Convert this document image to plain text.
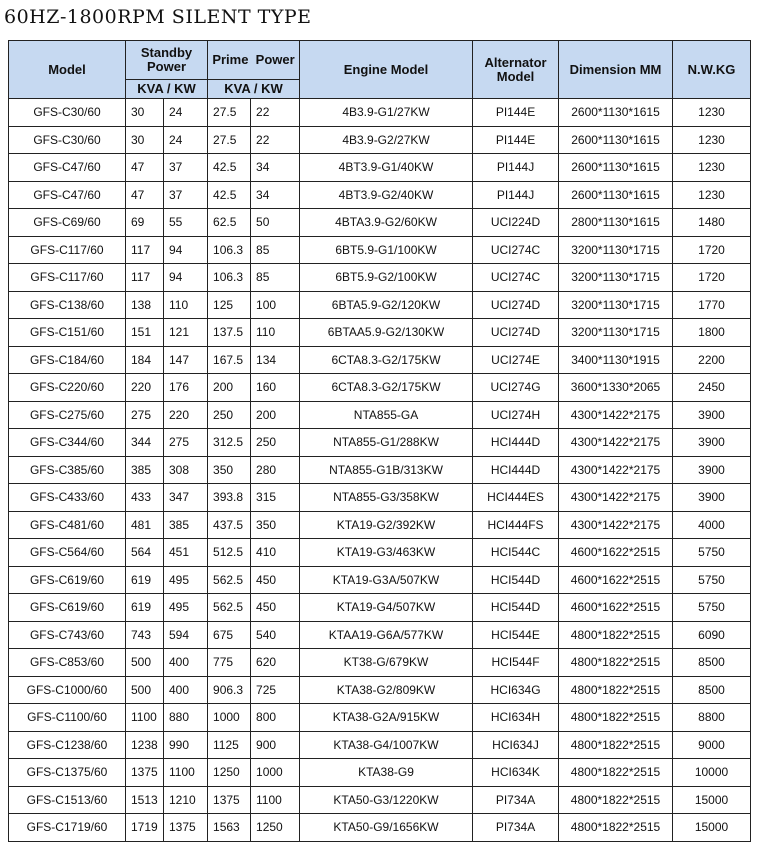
60HZ-1800RPM SILENT TYPE
Model	Standby Power		Prime  Power		Engine Model	Alternator Model	Dimension MM	N.W.KG
	KVA / KW		KVA / KW					
GFS-C30/60	30	24	27.5	22	4B3.9-G1/27KW	PI144E	2600*1130*1615	1230
GFS-C30/60	30	24	27.5	22	4B3.9-G2/27KW	PI144E	2600*1130*1615	1230
GFS-C47/60	47	37	42.5	34	4BT3.9-G1/40KW	PI144J	2600*1130*1615	1230
GFS-C47/60	47	37	42.5	34	4BT3.9-G2/40KW	PI144J	2600*1130*1615	1230
GFS-C69/60	69	55	62.5	50	4BTA3.9-G2/60KW	UCI224D	2800*1130*1615	1480
GFS-C117/60	117	94	106.3	85	6BT5.9-G1/100KW	UCI274C	3200*1130*1715	1720
GFS-C117/60	117	94	106.3	85	6BT5.9-G2/100KW	UCI274C	3200*1130*1715	1720
GFS-C138/60	138	110	125	100	6BTA5.9-G2/120KW	UCI274D	3200*1130*1715	1770
GFS-C151/60	151	121	137.5	110	6BTAA5.9-G2/130KW	UCI274D	3200*1130*1715	1800
GFS-C184/60	184	147	167.5	134	6CTA8.3-G2/175KW	UCI274E	3400*1130*1915	2200
GFS-C220/60	220	176	200	160	6CTA8.3-G2/175KW	UCI274G	3600*1330*2065	2450
GFS-C275/60	275	220	250	200	NTA855-GA	UCI274H	4300*1422*2175	3900
GFS-C344/60	344	275	312.5	250	NTA855-G1/288KW	HCI444D	4300*1422*2175	3900
GFS-C385/60	385	308	350	280	NTA855-G1B/313KW	HCI444D	4300*1422*2175	3900
GFS-C433/60	433	347	393.8	315	NTA855-G3/358KW	HCI444ES	4300*1422*2175	3900
GFS-C481/60	481	385	437.5	350	KTA19-G2/392KW	HCI444FS	4300*1422*2175	4000
GFS-C564/60	564	451	512.5	410	KTA19-G3/463KW	HCI544C	4600*1622*2515	5750
GFS-C619/60	619	495	562.5	450	KTA19-G3A/507KW	HCI544D	4600*1622*2515	5750
GFS-C619/60	619	495	562.5	450	KTA19-G4/507KW	HCI544D	4600*1622*2515	5750
GFS-C743/60	743	594	675	540	KTAA19-G6A/577KW	HCI544E	4800*1822*2515	6090
GFS-C853/60	500	400	775	620	KT38-G/679KW	HCI544F	4800*1822*2515	8500
GFS-C1000/60	500	400	906.3	725	KTA38-G2/809KW	HCI634G	4800*1822*2515	8500
GFS-C1100/60	1100	880	1000	800	KTA38-G2A/915KW	HCI634H	4800*1822*2515	8800
GFS-C1238/60	1238	990	1125	900	KTA38-G4/1007KW	HCI634J	4800*1822*2515	9000
GFS-C1375/60	1375	1100	1250	1000	KTA38-G9	HCI634K	4800*1822*2515	10000
GFS-C1513/60	1513	1210	1375	1100	KTA50-G3/1220KW	PI734A	4800*1822*2515	15000
GFS-C1719/60	1719	1375	1563	1250	KTA50-G9/1656KW	PI734A	4800*1822*2515	15000
